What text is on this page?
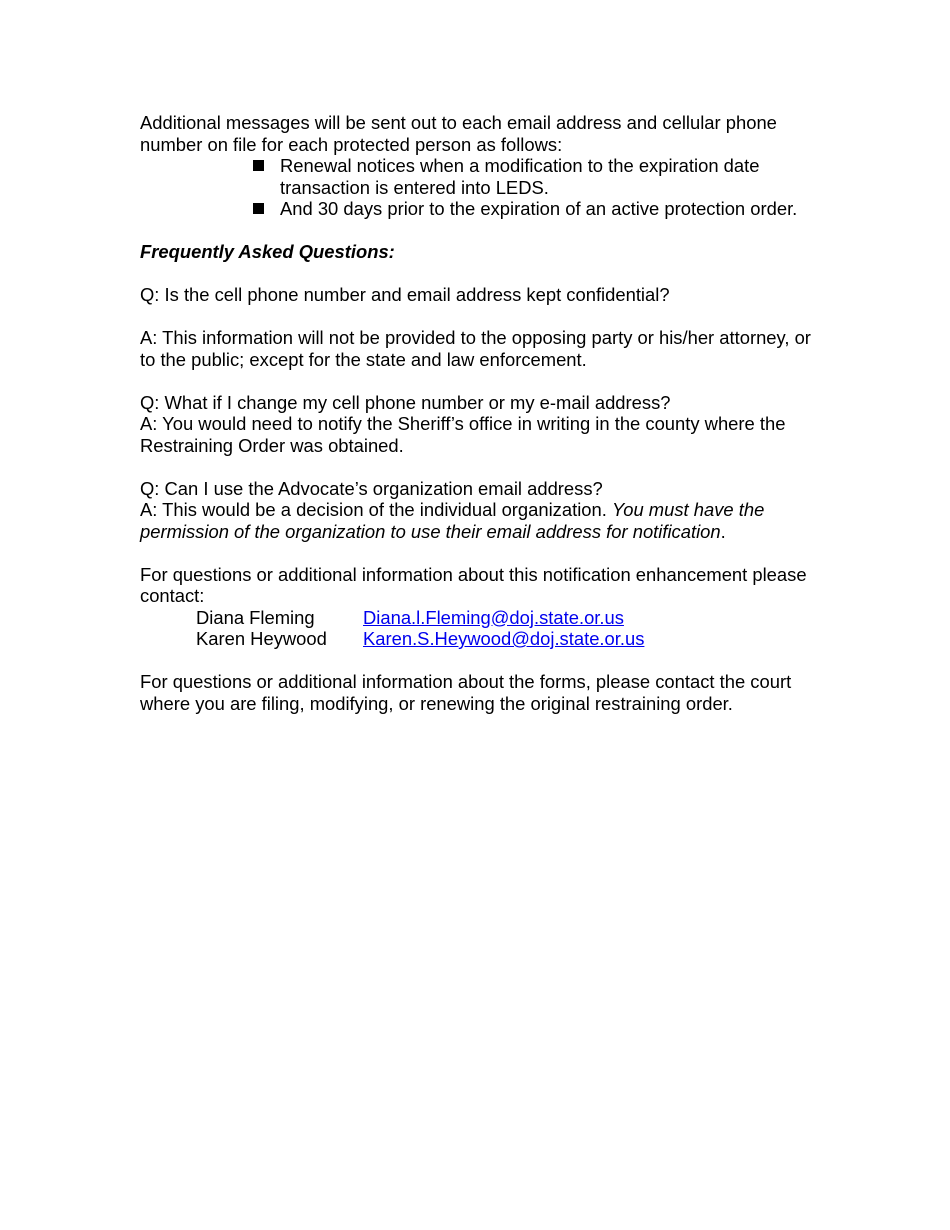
Additional messages will be sent out to each email address and cellular phone number on file for each protected person as follows:

Renewal notices when a modification to the expiration date transaction is entered into LEDS.
And 30 days prior to the expiration of an active protection order.

Frequently Asked Questions:

Q: Is the cell phone number and email address kept confidential?

A: This information will not be provided to the opposing party or his/her attorney, or to the public; except for the state and law enforcement.

Q: What if I change my cell phone number or my e-mail address?

A: You would need to notify the Sheriff’s office in writing in the county where the Restraining Order was obtained.

Q: Can I use the Advocate’s organization email address?

A: This would be a decision of the individual organization. You must have the permission of the organization to use their email address for notification.

For questions or additional information about this notification enhancement please contact:

Diana Fleming	Diana.l.Fleming@doj.state.or.us
Karen Heywood	Karen.S.Heywood@doj.state.or.us

For questions or additional information about the forms, please contact the court where you are filing, modifying, or renewing the original restraining order.
